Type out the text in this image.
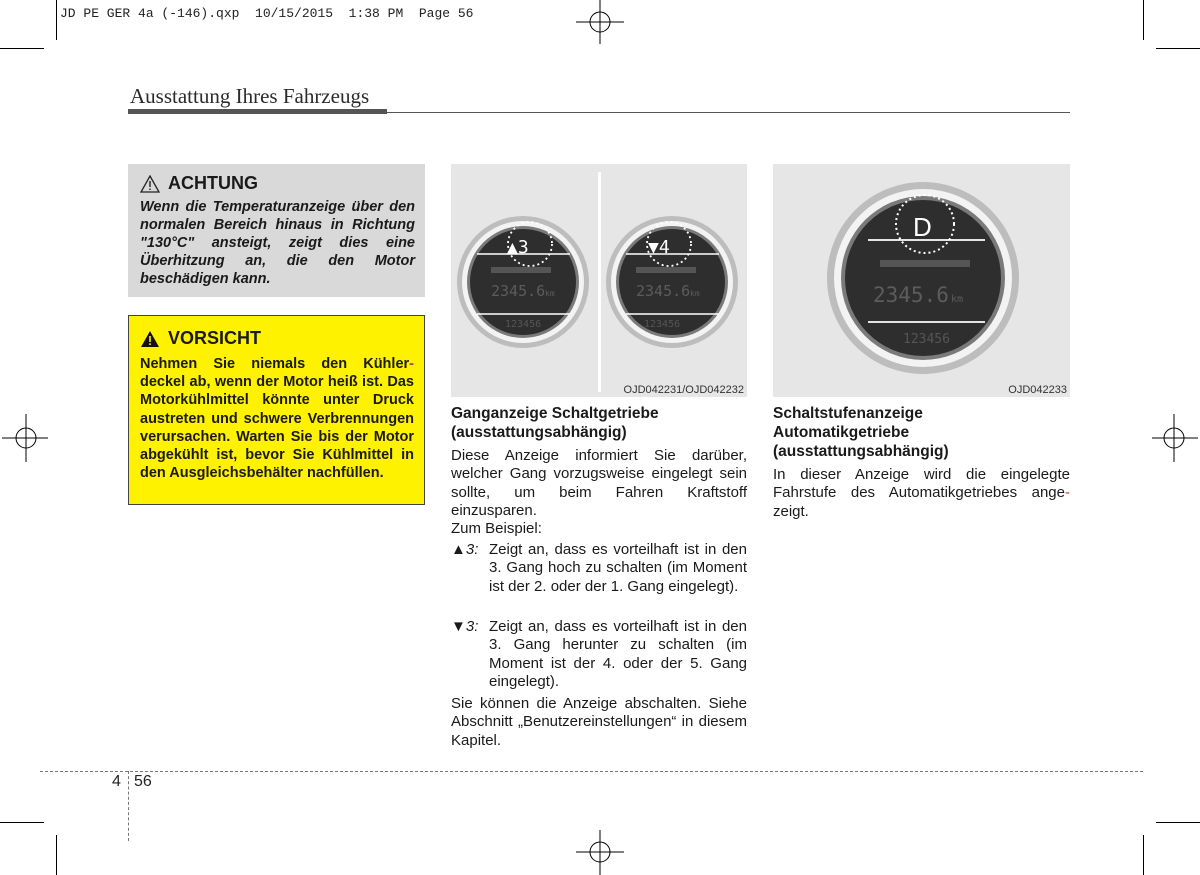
JD PE GER 4a (-146).qxp  10/15/2015  1:38 PM  Page 56
Ausstattung Ihres Fahrzeugs
ACHTUNG

Wenn die Temperaturanzeige über den normalen Bereich hinaus in Richtung "130°C" ansteigt, zeigt dies eine Überhitzung an, die den Motor beschädigen kann.

VORSICHT

Nehmen Sie niemals den Kühler- deckel ab, wenn der Motor heiß ist. Das Motorkühlmittel könnte unter Druck austreten und schwere Verbrennungen verursachen. Warten Sie bis der Motor abgekühlt ist, bevor Sie Kühlmittel in den Ausgleichsbehälter nachfüllen.

▲3
2345.6 km
123456
▼4
2345.6 km
123456
OJD042231/OJD042232
D
2345.6 km
123456
OJD042233
Ganganzeige Schaltgetriebe
(ausstattungsabhängig)
Diese Anzeige informiert Sie darüber, welcher Gang vorzugsweise eingelegt sein sollte, um beim Fahren Kraftstoff einzusparen.
Zum Beispiel:
▲3: Zeigt an, dass es vorteilhaft ist in den 3. Gang hoch zu schalten (im Moment ist der 2. oder der 1. Gang eingelegt).
▼3: Zeigt an, dass es vorteilhaft ist in den 3. Gang herunter zu schalten (im Moment ist der 4. oder der 5. Gang eingelegt).
Sie können die Anzeige abschalten. Siehe Abschnitt „Benutzereinstellungen“ in diesem Kapitel.
Schaltstufenanzeige
Automatikgetriebe
(ausstattungsabhängig)
In dieser Anzeige wird die eingelegte Fahrstufe des Automatikgetriebes ange- zeigt.
4 56
